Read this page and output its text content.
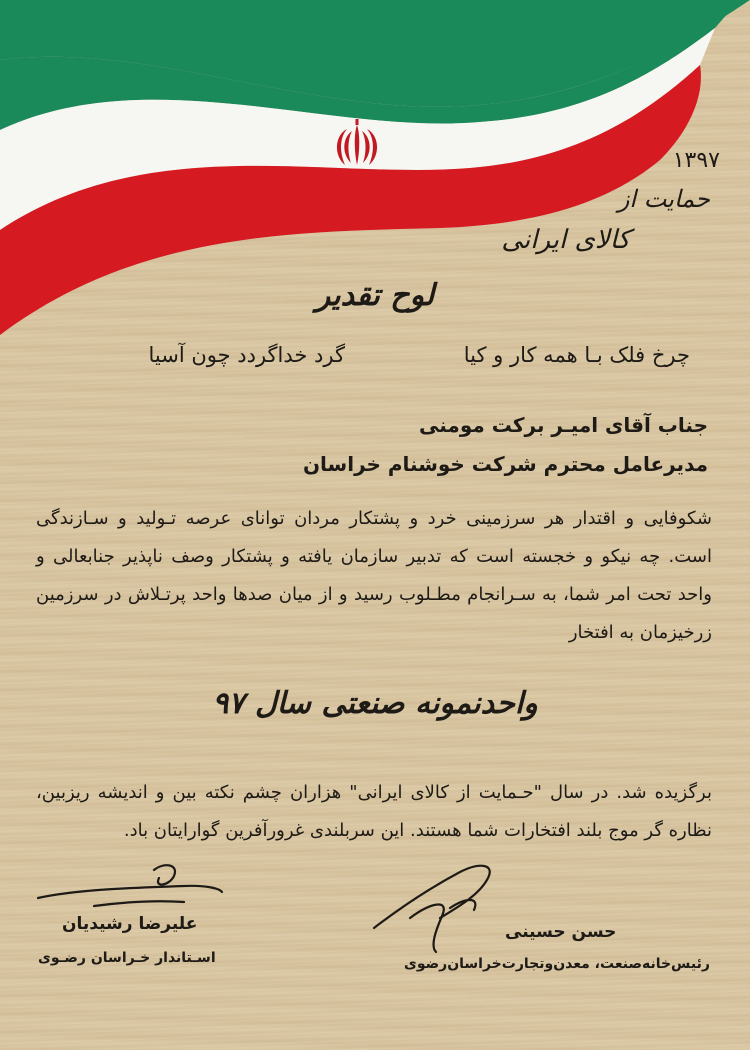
۱۳۹۷
حمایت از
کالای ایرانی
لوح تقدیر
چرخ فلک بـا همه کار و کیا
گرد خداگردد چون آسیا
جناب آقای امیـر برکت مومنی
مدیرعامل محترم شرکت خوشنام خراسان
شکوفایی و اقتدار هر سرزمینی خرد و پشتکار مردان توانای عرصه تـولید و سـازندگی است. چه نیکو و خجسته است که تدبیر سازمان یافته و پشتکار وصف ناپذیر جنابعالی و واحد تحت امر شما، به سـرانجام مطـلوب رسید و از میان صدها واحد پرتـلاش در سرزمین زرخیزمان به افتخار
واحدنمونه صنعتی سال ۹۷
برگزیده شد. در سال "حـمایت از کالای ایرانی" هزاران چشم نکته بین و اندیشه ریزبین، نظاره گر موج بلند افتخارات شما هستند. این سربلندی غرورآفرین گوارایتان باد.
علیرضا رشیدیان
اسـتاندار خـراسان رضـوی
حسن حسینی
رئیس‌خانه‌صنعت، معدن‌وتجارت‌خراسان‌رضوی
